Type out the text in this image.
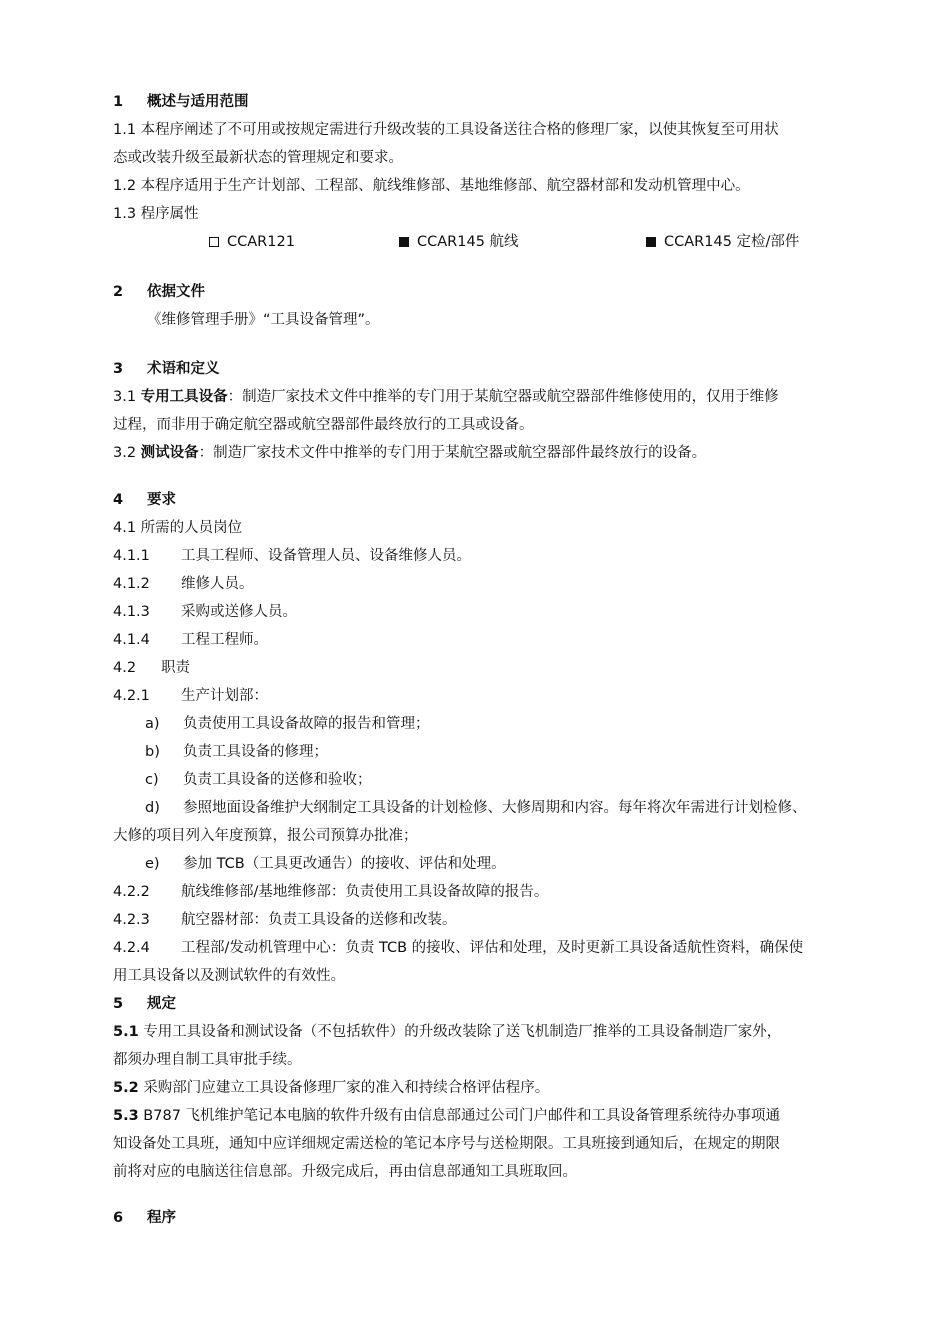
1 概述与适用范围
1.1 本程序阐述了不可用或按规定需进行升级改装的工具设备送往合格的修理厂家，以使其恢复至可用状
态或改装升级至最新状态的管理规定和要求。
1.2 本程序适用于生产计划部、工程部、航线维修部、基地维修部、航空器材部和发动机管理中心。
1.3 程序属性
CCAR121	CCAR145 航线	CCAR145 定检/部件
2 依据文件
《维修管理手册》“工具设备管理”。
3 术语和定义
3.1 专用工具设备：制造厂家技术文件中推举的专门用于某航空器或航空器部件维修使用的，仅用于维修
过程，而非用于确定航空器或航空器部件最终放行的工具或设备。
3.2 测试设备：制造厂家技术文件中推举的专门用于某航空器或航空器部件最终放行的设备。
4 要求
4.1 所需的人员岗位
4.1.1 工具工程师、设备管理人员、设备维修人员。
4.1.2 维修人员。
4.1.3 采购或送修人员。
4.1.4 工程工程师。
4.2 职责
4.2.1 生产计划部：
a) 负责使用工具设备故障的报告和管理；
b) 负责工具设备的修理；
c) 负责工具设备的送修和验收；
d) 参照地面设备维护大纲制定工具设备的计划检修、大修周期和内容。每年将次年需进行计划检修、
大修的项目列入年度预算，报公司预算办批准；
e) 参加 TCB（工具更改通告）的接收、评估和处理。
4.2.2 航线维修部/基地维修部：负责使用工具设备故障的报告。
4.2.3 航空器材部：负责工具设备的送修和改装。
4.2.4 工程部/发动机管理中心：负责 TCB 的接收、评估和处理，及时更新工具设备适航性资料，确保使
用工具设备以及测试软件的有效性。
5 规定
5.1 专用工具设备和测试设备（不包括软件）的升级改装除了送飞机制造厂推举的工具设备制造厂家外，
都须办理自制工具审批手续。
5.2 采购部门应建立工具设备修理厂家的准入和持续合格评估程序。
5.3 B787 飞机维护笔记本电脑的软件升级有由信息部通过公司门户邮件和工具设备管理系统待办事项通
知设备处工具班，通知中应详细规定需送检的笔记本序号与送检期限。工具班接到通知后，在规定的期限
前将对应的电脑送往信息部。升级完成后，再由信息部通知工具班取回。
6 程序
